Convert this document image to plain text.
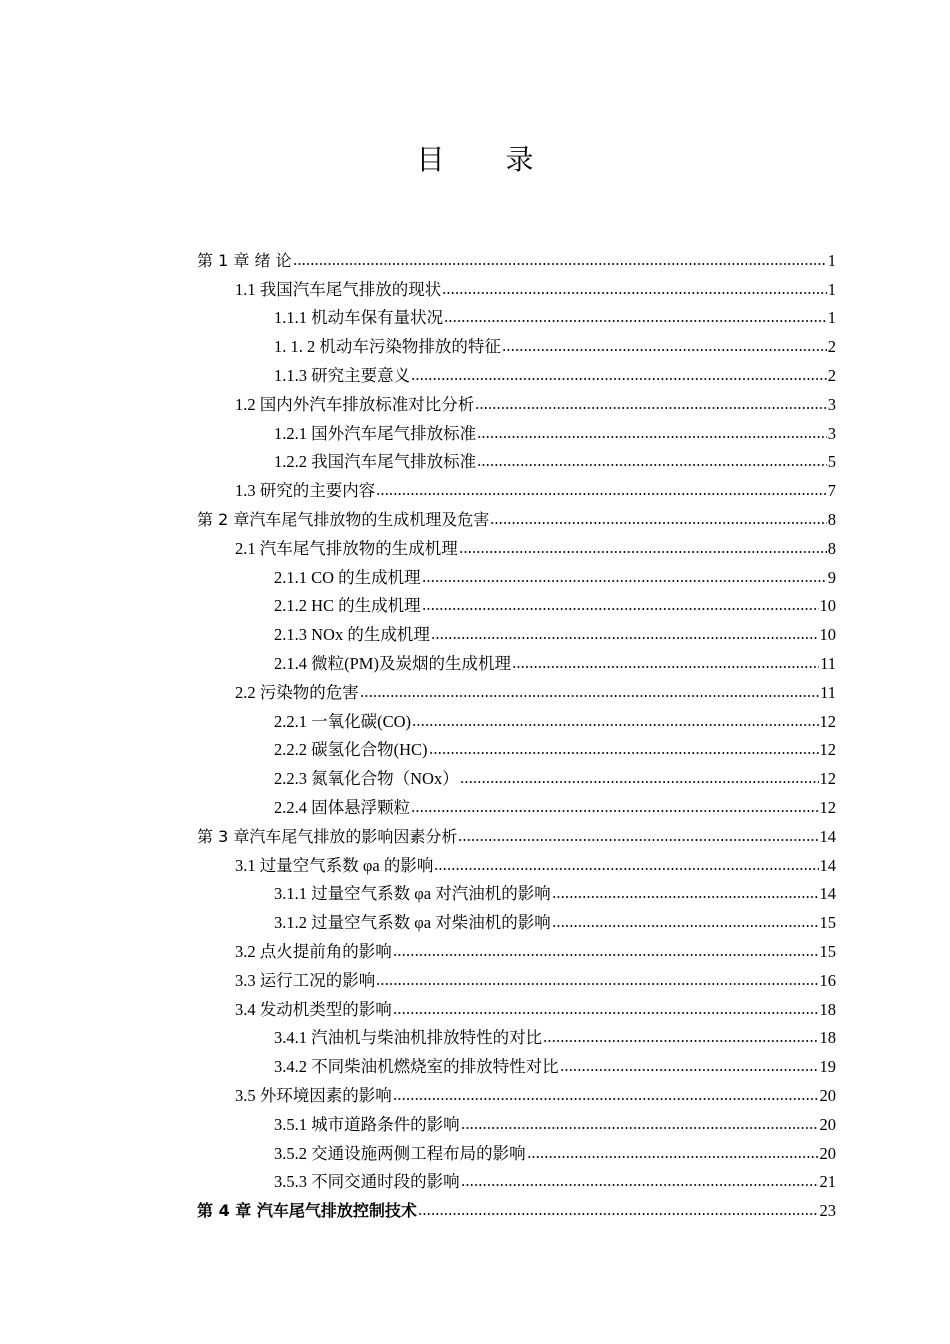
目 录
第 1 章 绪 论	1
1.1 我国汽车尾气排放的现状	1
1.1.1 机动车保有量状况	1
1. 1. 2 机动车污染物排放的特征	2
1.1.3 研究主要意义	2
1.2 国内外汽车排放标准对比分析	3
1.2.1 国外汽车尾气排放标准	3
1.2.2 我国汽车尾气排放标准	5
1.3 研究的主要内容	7
第 2 章汽车尾气排放物的生成机理及危害	8
2.1 汽车尾气排放物的生成机理	8
2.1.1 CO 的生成机理	9
2.1.2 HC 的生成机理	10
2.1.3 NOx 的生成机理	10
2.1.4 微粒(PM)及炭烟的生成机理	11
2.2 污染物的危害	11
2.2.1 一氧化碳(CO)	12
2.2.2 碳氢化合物(HC)	12
2.2.3 氮氧化合物（NOx）	12
2.2.4 固体悬浮颗粒	12
第 3 章汽车尾气排放的影响因素分析	14
3.1 过量空气系数 φa 的影响	14
3.1.1 过量空气系数 φa 对汽油机的影响	14
3.1.2 过量空气系数 φa 对柴油机的影响	15
3.2 点火提前角的影响	15
3.3 运行工况的影响	16
3.4 发动机类型的影响	18
3.4.1 汽油机与柴油机排放特性的对比	18
3.4.2 不同柴油机燃烧室的排放特性对比	19
3.5 外环境因素的影响	20
3.5.1 城市道路条件的影响	20
3.5.2 交通设施两侧工程布局的影响	20
3.5.3 不同交通时段的影响	21
第 4 章 汽车尾气排放控制技术	23
